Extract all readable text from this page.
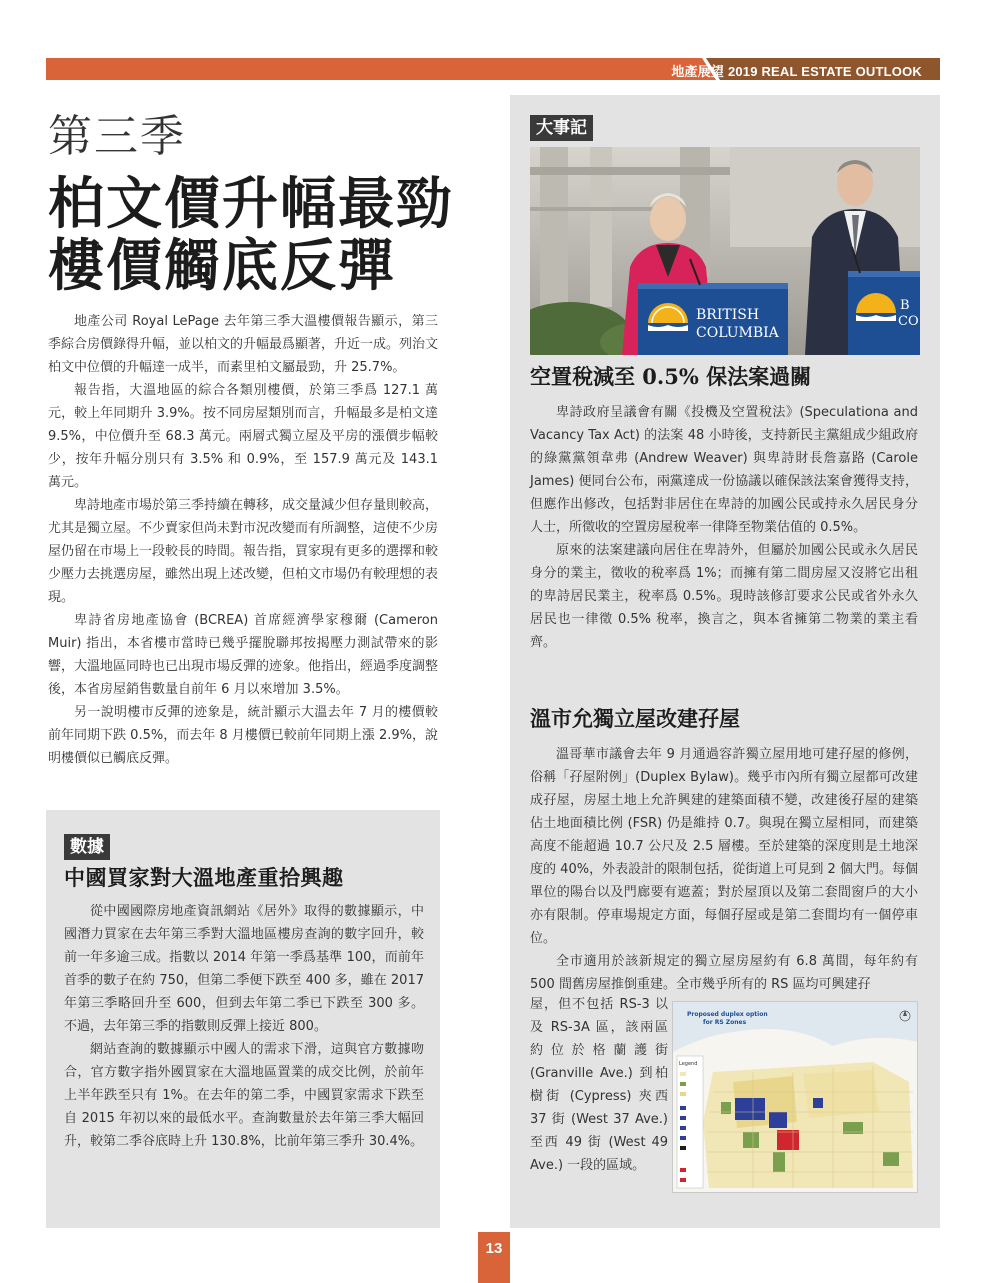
地產展望 2019 REAL ESTATE OUTLOOK
第三季
柏文價升幅最勁
樓價觸底反彈

地產公司 Royal LePage 去年第三季大溫樓價報告顯示，第三季綜合房價錄得升幅，並以柏文的升幅最爲顯著，升近一成。列治文柏文中位價的升幅達一成半，而素里柏文屬最勁，升 25.7%。

報告指，大溫地區的綜合各類別樓價，於第三季爲 127.1 萬元，較上年同期升 3.9%。按不同房屋類別而言，升幅最多是柏文達 9.5%，中位價升至 68.3 萬元。兩層式獨立屋及平房的漲價步幅較少，按年升幅分別只有 3.5% 和 0.9%，至 157.9 萬元及 143.1 萬元。

卑詩地產市場於第三季持續在轉移，成交量減少但存量則較高，尤其是獨立屋。不少賣家但尚未對市況改變而有所調整，這使不少房屋仍留在市場上一段較長的時間。報告指，買家現有更多的選擇和較少壓力去挑選房屋，雖然出現上述改變，但柏文市場仍有較理想的表現。

卑詩省房地產協會 (BCREA) 首席經濟學家穆爾 (Cameron Muir) 指出，本省樓市當時已幾乎擺脫聯邦按揭壓力測試帶來的影響，大溫地區同時也已出現市場反彈的迹象。他指出，經過季度調整後，本省房屋銷售數量自前年 6 月以來增加 3.5%。

另一說明樓市反彈的迹象是，統計顯示大溫去年 7 月的樓價較前年同期下跌 0.5%，而去年 8 月樓價已較前年同期上漲 2.9%，說明樓價似已觸底反彈。

數據
中國買家對大溫地產重拾興趣

從中國國際房地產資訊網站《居外》取得的數據顯示，中國潛力買家在去年第三季對大溫地區樓房查詢的數字回升，較前一年多逾三成。指數以 2014 年第一季爲基準 100，而前年首季的數子在約 750，但第二季便下跌至 400 多，雖在 2017 年第三季略回升至 600，但到去年第二季已下跌至 300 多。不過，去年第三季的指數則反彈上接近 800。

網站查詢的數據顯示中國人的需求下滑，這與官方數據吻合，官方數字指外國買家在大溫地區置業的成交比例，於前年上半年跌至只有 1%。在去年的第二季，中國買家需求下跌至自 2015 年初以來的最低水平。查詢數量於去年第三季大幅回升，較第二季谷底時上升 130.8%，比前年第三季升 30.4%。

大事記
BRITISH
COLUMBIA
B
CO
空置稅減至 0.5% 保法案過關

卑詩政府呈議會有關《投機及空置稅法》(Speculationa and Vacancy Tax Act) 的法案 48 小時後，支持新民主黨組成少組政府的綠黨黨領韋弗 (Andrew Weaver) 與卑詩財長詹嘉路 (Carole James) 便同台公布，兩黨達成一份協議以確保該法案會獲得支持，但應作出修改，包括對非居住在卑詩的加國公民或持永久居民身分人士，所徵收的空置房屋稅率一律降至物業估值的 0.5%。

原來的法案建議向居住在卑詩外，但屬於加國公民或永久居民身分的業主，徵收的稅率爲 1%；而擁有第二間房屋又沒將它出租的卑詩居民業主，稅率爲 0.5%。現時該修訂要求公民或省外永久居民也一律徵 0.5% 稅率，換言之，與本省擁第二物業的業主看齊。

溫市允獨立屋改建孖屋

溫哥華市議會去年 9 月通過容許獨立屋用地可建孖屋的修例，俗稱「孖屋附例」(Duplex Bylaw)。幾乎市內所有獨立屋都可改建成孖屋，房屋土地上允許興建的建築面積不變，改建後孖屋的建築佔土地面積比例 (FSR) 仍是維持 0.7。與現在獨立屋相同，而建築高度不能超過 10.7 公尺及 2.5 層樓。至於建築的深度則是土地深度的 40%，外表設計的限制包括，從街道上可見到 2 個大門。每個單位的陽台以及門廊要有遮蓋；對於屋頂以及第二套間窗戶的大小亦有限制。停車場規定方面，每個孖屋或是第二套間均有一個停車位。

全市適用於該新規定的獨立屋房屋約有 6.8 萬間，每年約有 500 間舊房屋推倒重建。全市幾乎所有的 RS 區均可興建孖

屋，但不包括 RS-3 以及 RS-3A 區，該兩區約位於格蘭護街 (Granville Ave.) 到柏樹街 (Cypress) 夾西 37 街 (West 37 Ave.) 至西 49 街 (West 49 Ave.) 一段的區域。

Legend
Proposed duplex option
for RS Zones
13
